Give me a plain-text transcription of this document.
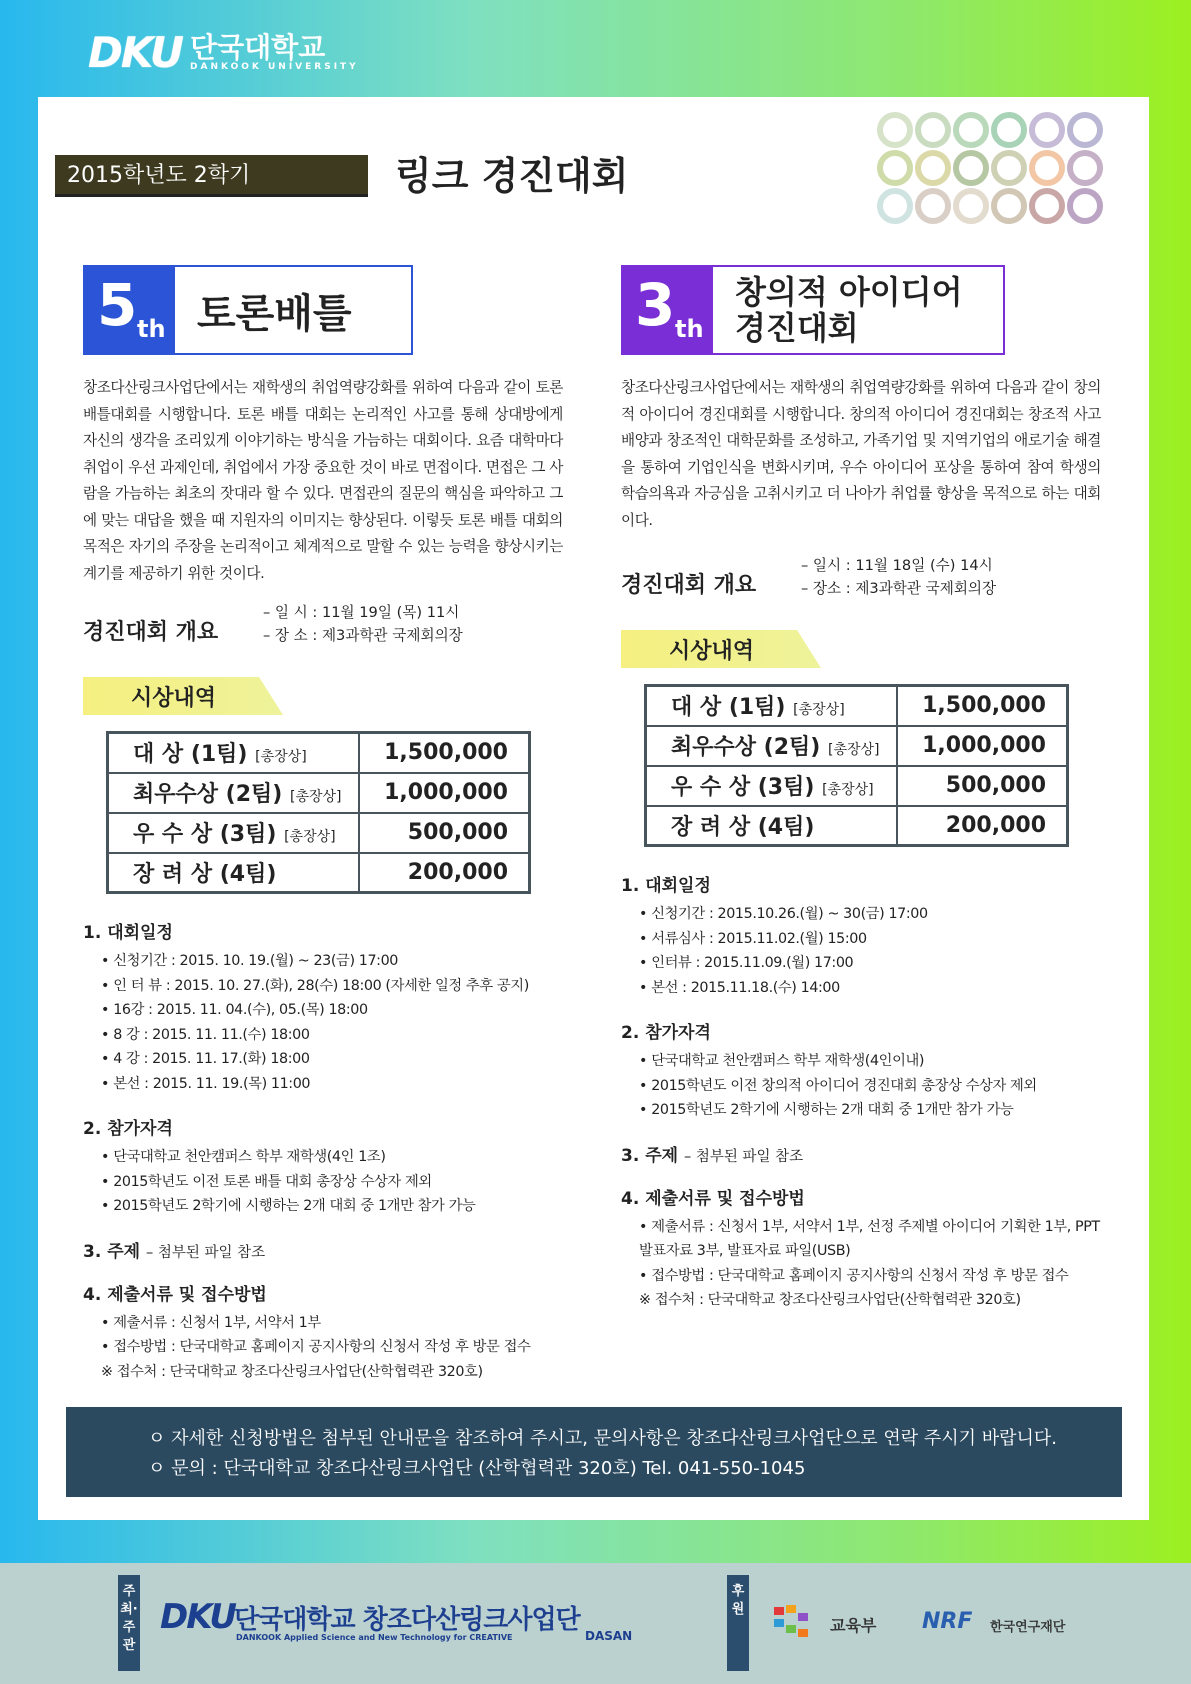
DKU 단국대학교
DANKOOK UNIVERSITY
2015학년도 2학기	링크 경진대회
5 th 토론배틀

창조다산링크사업단에서는 재학생의 취업역량강화를 위하여 다음과 같이 토론배틀대회를 시행합니다. 토론 배틀 대회는 논리적인 사고를 통해 상대방에게 자신의 생각을 조리있게 이야기하는 방식을 가늠하는 대회이다. 요즘 대학마다 취업이 우선 과제인데, 취업에서 가장 중요한 것이 바로 면접이다. 면접은 그 사람을 가늠하는 최초의 잣대라 할 수 있다. 면접관의 질문의 핵심을 파악하고 그에 맞는 대답을 했을 때 지원자의 이미지는 향상된다. 이렇듯 토론 배틀 대회의 목적은 자기의 주장을 논리적이고 체계적으로 말할 수 있는 능력을 향상시키는 계기를 제공하기 위한 것이다.

경진대회 개요
– 일 시 : 11월 19일 (목) 11시
– 장 소 : 제3과학관 국제회의장
시상내역
대 상 (1팀) [총장상]	1,500,000
최우수상 (2팀) [총장상]	1,000,000
우 수 상 (3팀) [총장상]	500,000
장 려 상 (4팀)	200,000
1. 대회일정
• 신청기간 : 2015. 10. 19.(월) ~ 23(금) 17:00
• 인 터 뷰 : 2015. 10. 27.(화), 28(수) 18:00 (자세한 일정 추후 공지)
• 16강 : 2015. 11. 04.(수), 05.(목) 18:00
• 8 강 : 2015. 11. 11.(수) 18:00
• 4 강 : 2015. 11. 17.(화) 18:00
• 본선 : 2015. 11. 19.(목) 11:00
2. 참가자격
• 단국대학교 천안캠퍼스 학부 재학생(4인 1조)
• 2015학년도 이전 토론 배틀 대회 총장상 수상자 제외
• 2015학년도 2학기에 시행하는 2개 대회 중 1개만 참가 가능
3. 주제 – 첨부된 파일 참조
4. 제출서류 및 접수방법
• 제출서류 : 신청서 1부, 서약서 1부
• 접수방법 : 단국대학교 홈페이지 공지사항의 신청서 작성 후 방문 접수
※ 접수처 : 단국대학교 창조다산링크사업단(산학협력관 320호)
3 th
창의적 아이디어
경진대회

창조다산링크사업단에서는 재학생의 취업역량강화를 위하여 다음과 같이 창의적 아이디어 경진대회를 시행합니다. 창의적 아이디어 경진대회는 창조적 사고 배양과 창조적인 대학문화를 조성하고, 가족기업 및 지역기업의 애로기술 해결을 통하여 기업인식을 변화시키며, 우수 아이디어 포상을 통하여 참여 학생의 학습의욕과 자긍심을 고취시키고 더 나아가 취업률 향상을 목적으로 하는 대회이다.

경진대회 개요
– 일시 : 11월 18일 (수) 14시
– 장소 : 제3과학관 국제회의장
시상내역
대 상 (1팀) [총장상]	1,500,000
최우수상 (2팀) [총장상]	1,000,000
우 수 상 (3팀) [총장상]	500,000
장 려 상 (4팀)	200,000
1. 대회일정
• 신청기간 : 2015.10.26.(월) ~ 30(금) 17:00
• 서류심사 : 2015.11.02.(월) 15:00
• 인터뷰 : 2015.11.09.(월) 17:00
• 본선 : 2015.11.18.(수) 14:00
2. 참가자격
• 단국대학교 천안캠퍼스 학부 재학생(4인이내)
• 2015학년도 이전 창의적 아이디어 경진대회 총장상 수상자 제외
• 2015학년도 2학기에 시행하는 2개 대회 중 1개만 참가 가능
3. 주제 – 첨부된 파일 참조
4. 제출서류 및 접수방법
• 제출서류 : 신청서 1부, 서약서 1부, 선정 주제별 아이디어 기획한 1부, PPT 발표자료 3부, 발표자료 파일(USB)
• 접수방법 : 단국대학교 홈페이지 공지사항의 신청서 작성 후 방문 접수
※ 접수처 : 단국대학교 창조다산링크사업단(산학협력관 320호)
ㅇ 자세한 신청방법은 첨부된 안내문을 참조하여 주시고, 문의사항은 창조다산링크사업단으로 연락 주시기 바랍니다.
ㅇ 문의 : 단국대학교 창조다산링크사업단 (산학협력관 320호) Tel. 041-550-1045
주최·주관
DKU 단국대학교 창조다산링크사업단
DANKOOK Applied Science and New Technology for CREATIVE	DASAN
후원
교육부 NRF 한국연구재단
